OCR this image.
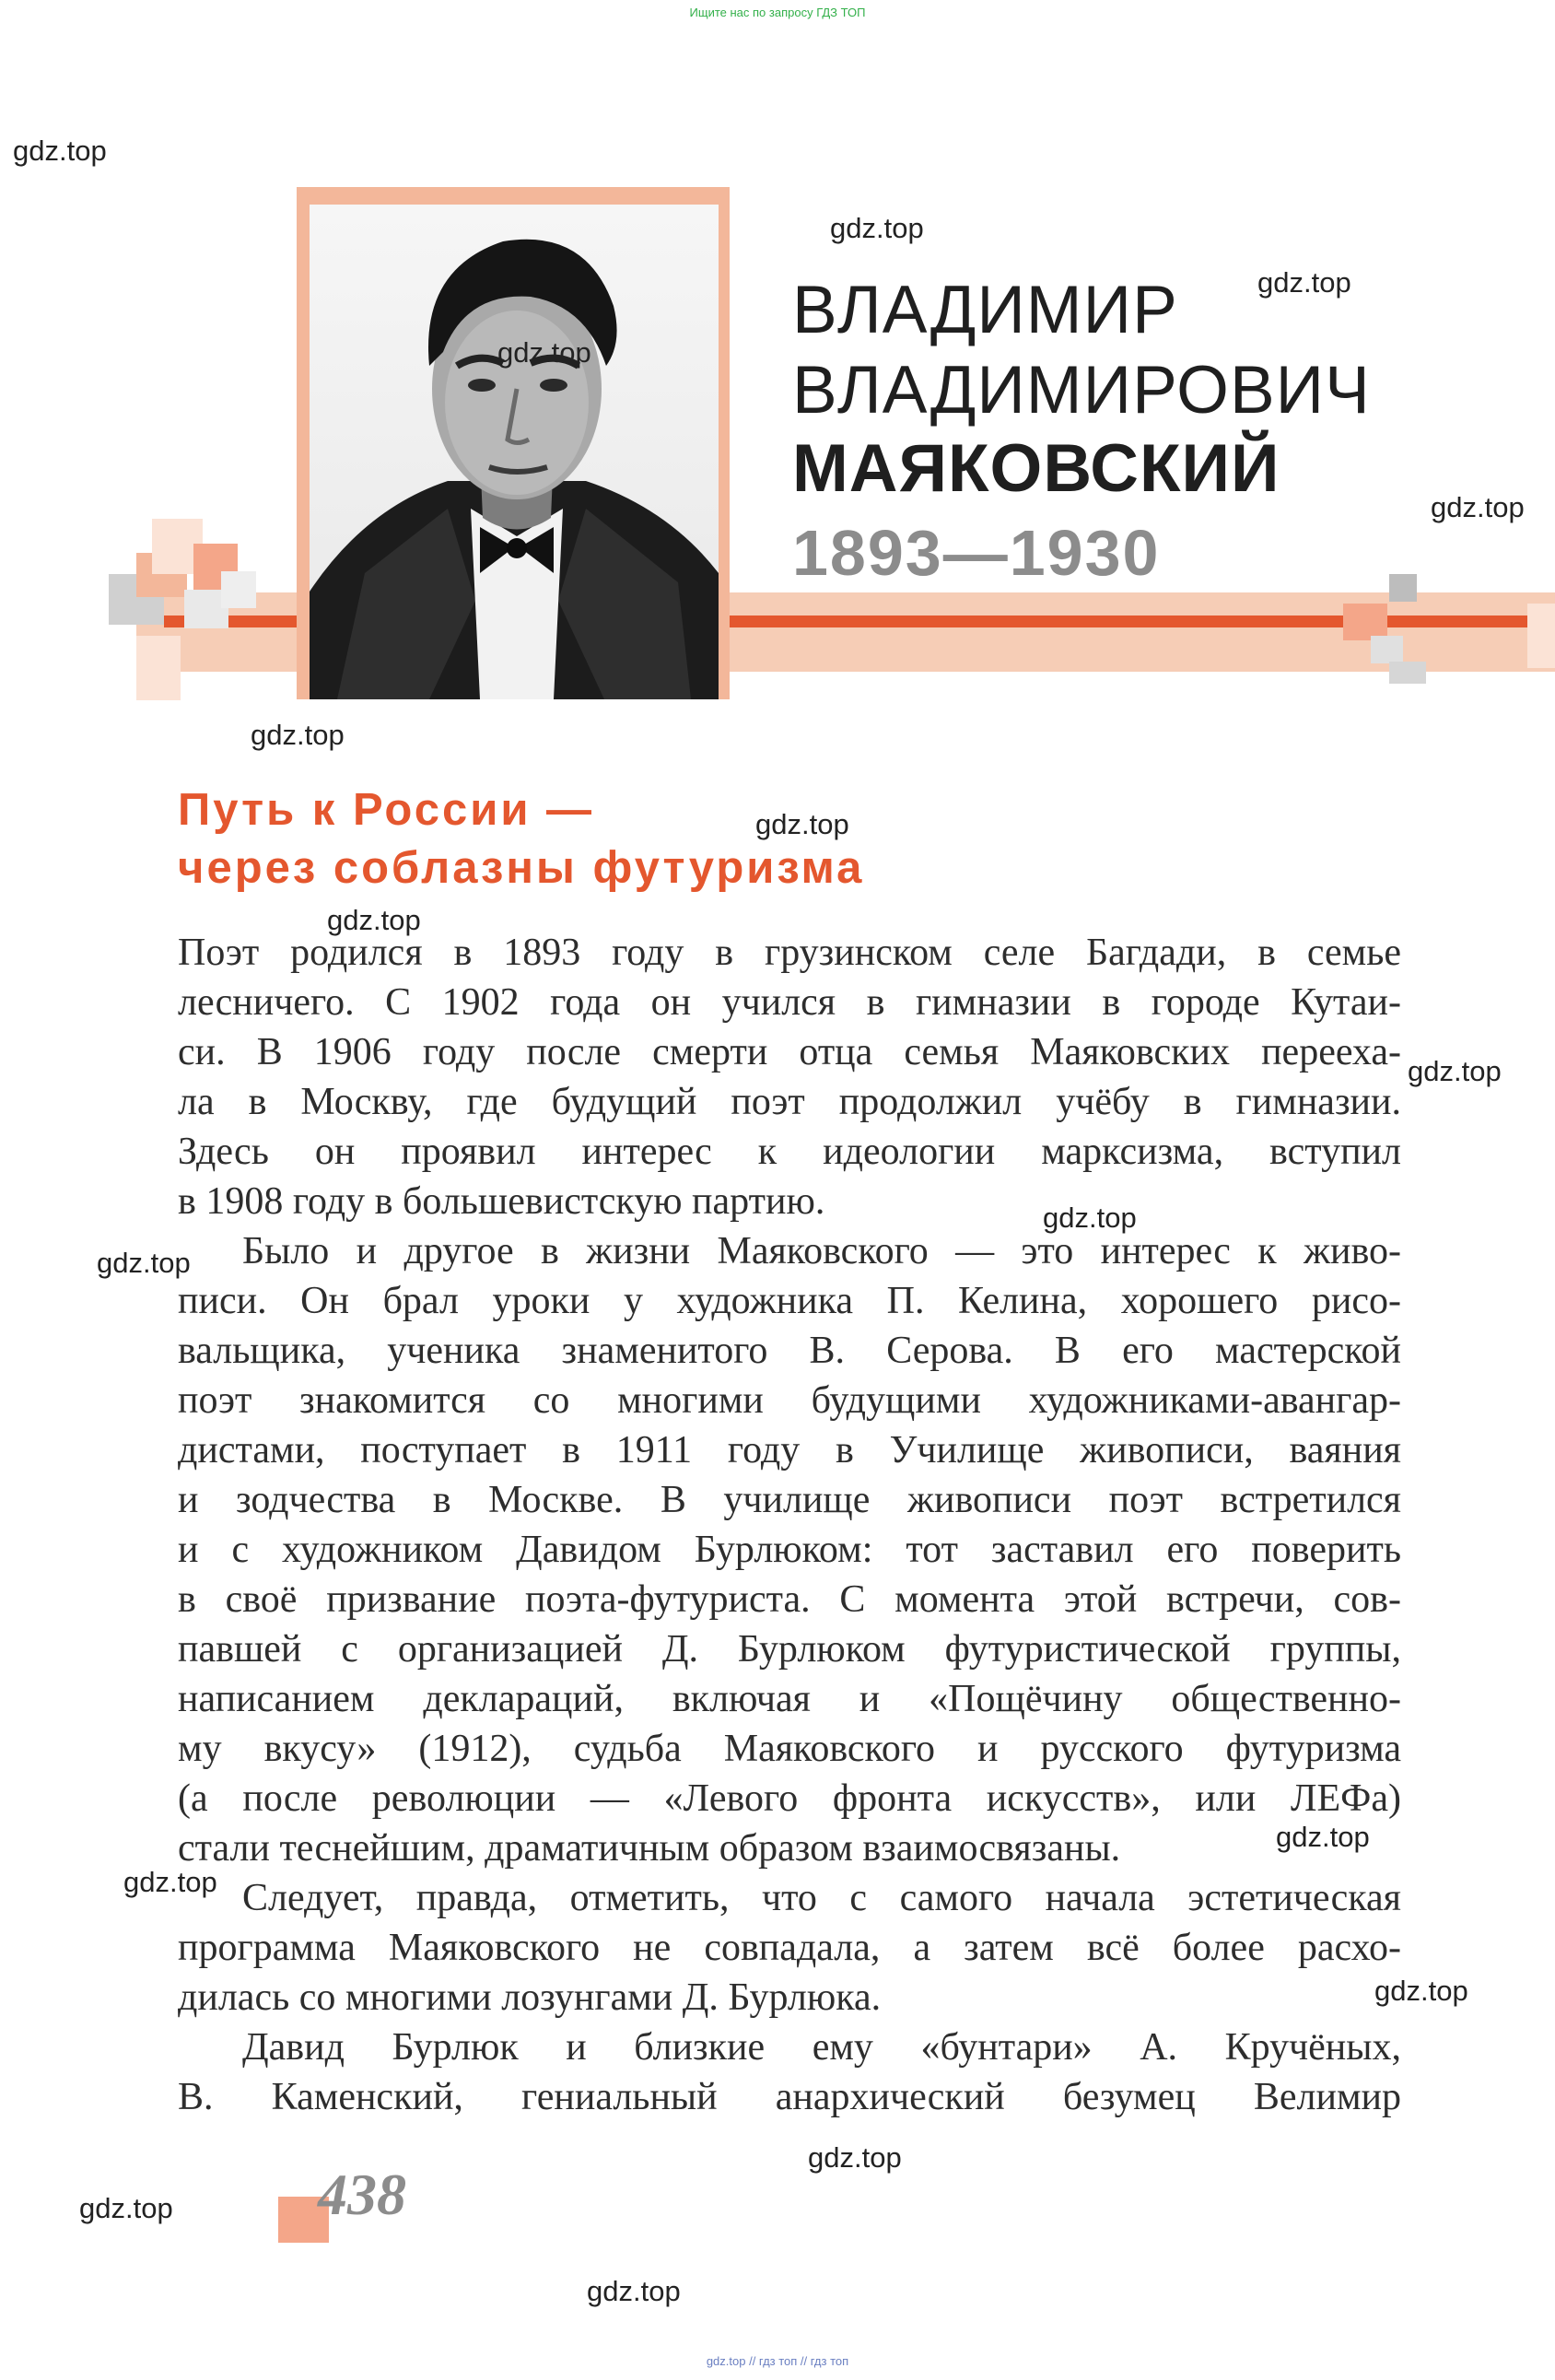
Ищите нас по запросу ГДЗ ТОП
ВЛАДИМИР
ВЛАДИМИРОВИЧ
МАЯКОВСКИЙ
1893—1930
Путь к России —
через соблазны футуризма
Поэт родился в 1893 году в грузинском селе Багдади, в семье
лесничего. С 1902 года он учился в гимназии в городе Кутаи-
си. В 1906 году после смерти отца семья Маяковских перееха-
ла в Москву, где будущий поэт продолжил учёбу в гимназии.
Здесь он проявил интерес к идеологии марксизма, вступил
в 1908 году в большевистскую партию.
Было и другое в жизни Маяковского — это интерес к живо-
писи. Он брал уроки у художника П. Келина, хорошего рисо-
вальщика, ученика знаменитого В. Серова. В его мастерской
поэт знакомится со многими будущими художниками-авангар-
дистами, поступает в 1911 году в Училище живописи, ваяния
и зодчества в Москве. В училище живописи поэт встретился
и с художником Давидом Бурлюком: тот заставил его поверить
в своё призвание поэта-футуриста. С момента этой встречи, сов-
павшей с организацией Д. Бурлюком футуристической группы,
написанием деклараций, включая и «Пощёчину общественно-
му вкусу» (1912), судьба Маяковского и русского футуризма
(а после революции — «Левого фронта искусств», или ЛЕФа)
стали теснейшим, драматичным образом взаимосвязаны.
Следует, правда, отметить, что с самого начала эстетическая
программа Маяковского не совпадала, а затем всё более расхо-
дилась со многими лозунгами Д. Бурлюка.
Давид Бурлюк и близкие ему «бунтари» А. Кручёных,
В. Каменский, гениальный анархический безумец Велимир
438
gdz.top
gdz.top
gdz.top
gdz.top
gdz.top
gdz.top
gdz.top
gdz.top
gdz.top
gdz.top
gdz.top
gdz.top
gdz.top
gdz.top
gdz.top
gdz.top
gdz.top
gdz.top // гдз топ // гдз топ
